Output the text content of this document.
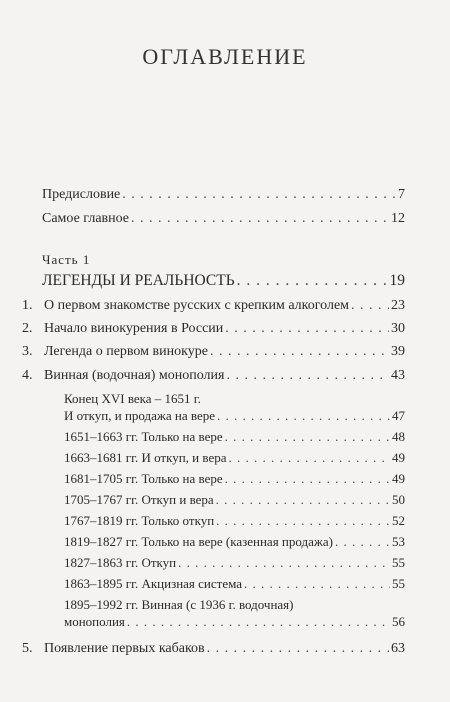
ОГЛАВЛЕНИЕ
Предисловие . . .	7
Самое главное . . .	12
Часть 1
ЛЕГЕНДЫ И РЕАЛЬНОСТЬ . . .	19
1. О первом знакомстве русских с крепким алкоголем . . .	23
2. Начало винокурения в России . . .	30
3. Легенда о первом винокуре . . .	39
4. Винная (водочная) монополия . . .	43
Конец XVI века – 1651 г.
И откуп, и продажа на вере . . .	47
1651–1663 гг. Только на вере . . .	48
1663–1681 гг. И откуп, и вера . . .	49
1681–1705 гг. Только на вере . . .	49
1705–1767 гг. Откуп и вера . . .	50
1767–1819 гг. Только откуп . . .	52
1819–1827 гг. Только на вере (казенная продажа) . . .	53
1827–1863 гг. Откуп . . .	55
1863–1895 гг. Акцизная система . . .	55
1895–1992 гг. Винная (с 1936 г. водочная)
монополия . . .	56
5. Появление первых кабаков . . .	63
